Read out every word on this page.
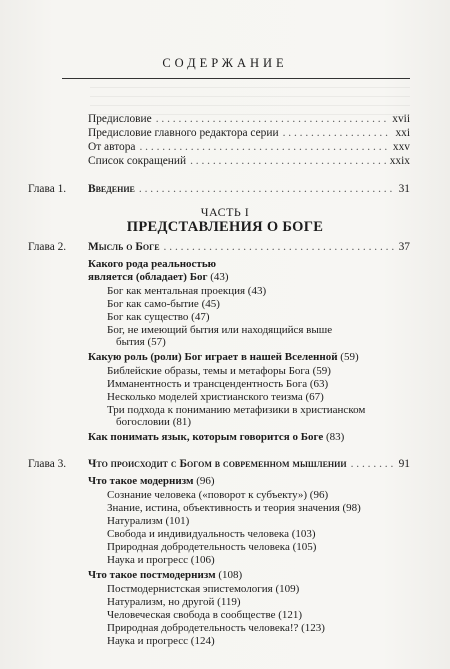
СОДЕРЖАНИЕ
Предисловие . . .	xvii
Предисловие главного редактора серии . . .	xxi
От автора . . .	xxv
Список сокращений . . .	xxix
Глава 1.	Введение . . .	31
ЧАСТЬ I
ПРЕДСТАВЛЕНИЯ О БОГЕ
Глава 2.	Мысль о Боге . . .	37
Какого рода реальностью
является (обладает) Бог (43)
Бог как ментальная проекция (43)
Бог как само-бытие (45)
Бог как существо (47)
Бог, не имеющий бытия или находящийся выше
бытия (57)
Какую роль (роли) Бог играет в нашей Вселенной (59)
Библейские образы, темы и метафоры Бога (59)
Имманентность и трансцендентность Бога (63)
Несколько моделей христианского теизма (67)
Три подхода к пониманию метафизики в христианском
богословии (81)
Как понимать язык, которым говорится о Боге (83)
Глава 3.	Что происходит с Богом в современном мышлении . . .	91
Что такое модернизм (96)
Сознание человека («поворот к субъекту») (96)
Знание, истина, объективность и теория значения (98)
Натурализм (101)
Свобода и индивидуальность человека (103)
Природная добродетельность человека (105)
Наука и прогресс (106)
Что такое постмодернизм (108)
Постмодернистская эпистемология (109)
Натурализм, но другой (119)
Человеческая свобода в сообществе (121)
Природная добродетельность человека!? (123)
Наука и прогресс (124)
